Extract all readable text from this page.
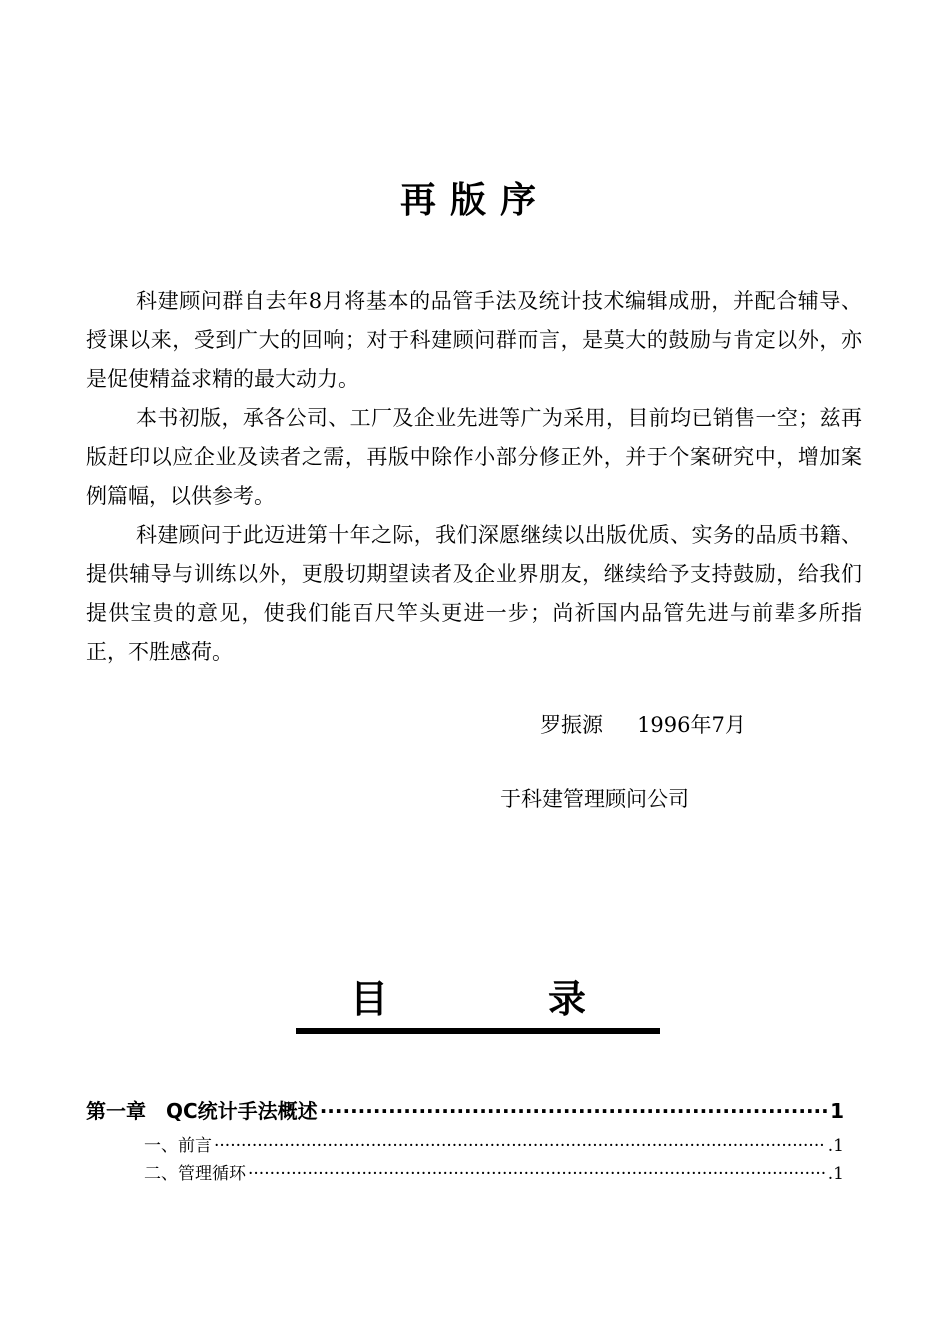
再版序

科建顾问群自去年8月将基本的品管手法及统计技术编辑成册，并配合辅导、授课以来，受到广大的回响；对于科建顾问群而言，是莫大的鼓励与肯定以外，亦是促使精益求精的最大动力。

本书初版，承各公司、工厂及企业先进等广为采用，目前均已销售一空；兹再版赶印以应企业及读者之需，再版中除作小部分修正外，并于个案研究中，增加案例篇幅，以供参考。

科建顾问于此迈进第十年之际，我们深愿继续以出版优质、实务的品质书籍、提供辅导与训练以外，更殷切期望读者及企业界朋友，继续给予支持鼓励，给我们提供宝贵的意见，使我们能百尺竿头更进一步；尚祈国内品管先进与前辈多所指正，不胜感荷。

罗振源 1996年7月

于科建管理顾问公司
目	录
第一章 QC统计手法概述 ·····	1
一、前言 ·····	.1
二、管理循环 ·····	.1
